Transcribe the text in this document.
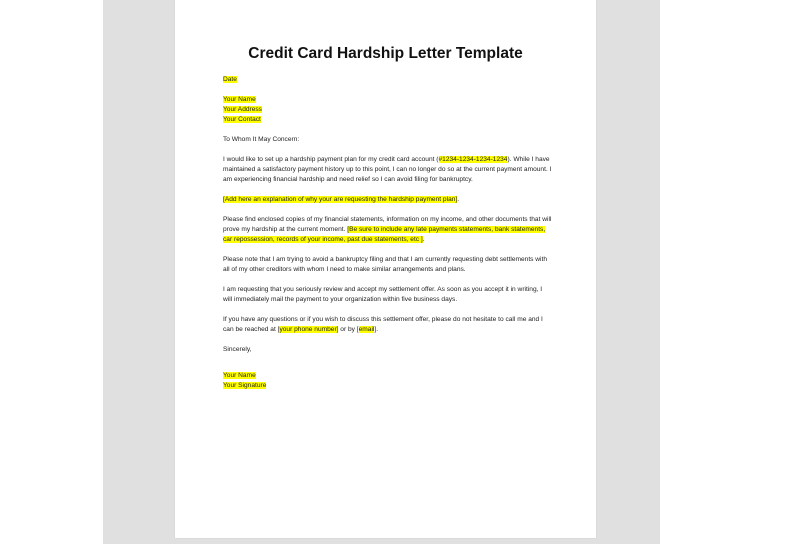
Credit Card Hardship Letter Template

Date

Your Name
Your Address
Your Contact

To Whom It May Concern:

I would like to set up a hardship payment plan for my credit card account (#1234-1234-1234-1234). While I have maintained a satisfactory payment history up to this point, I can no longer do so at the current payment amount. I am experiencing financial hardship and need relief so I can avoid filing for bankruptcy.

[Add here an explanation of why your are requesting the hardship payment plan].

Please find enclosed copies of my financial statements, information on my income, and other documents that will prove my hardship at the current moment. [Be sure to include any late payments statements, bank statements, car repossession, records of your income, past due statements, etc ].

Please note that I am trying to avoid a bankruptcy filing and that I am currently requesting debt settlements with all of my other creditors with whom I need to make similar arrangements and plans.

I am requesting that you seriously review and accept my settlement offer. As soon as you accept it in writing, I will immediately mail the payment to your organization within five business days.

If you have any questions or if you wish to discuss this settlement offer, please do not hesitate to call me and I can be reached at [your phone number] or by [email].

Sincerely,

Your Name
Your Signature
